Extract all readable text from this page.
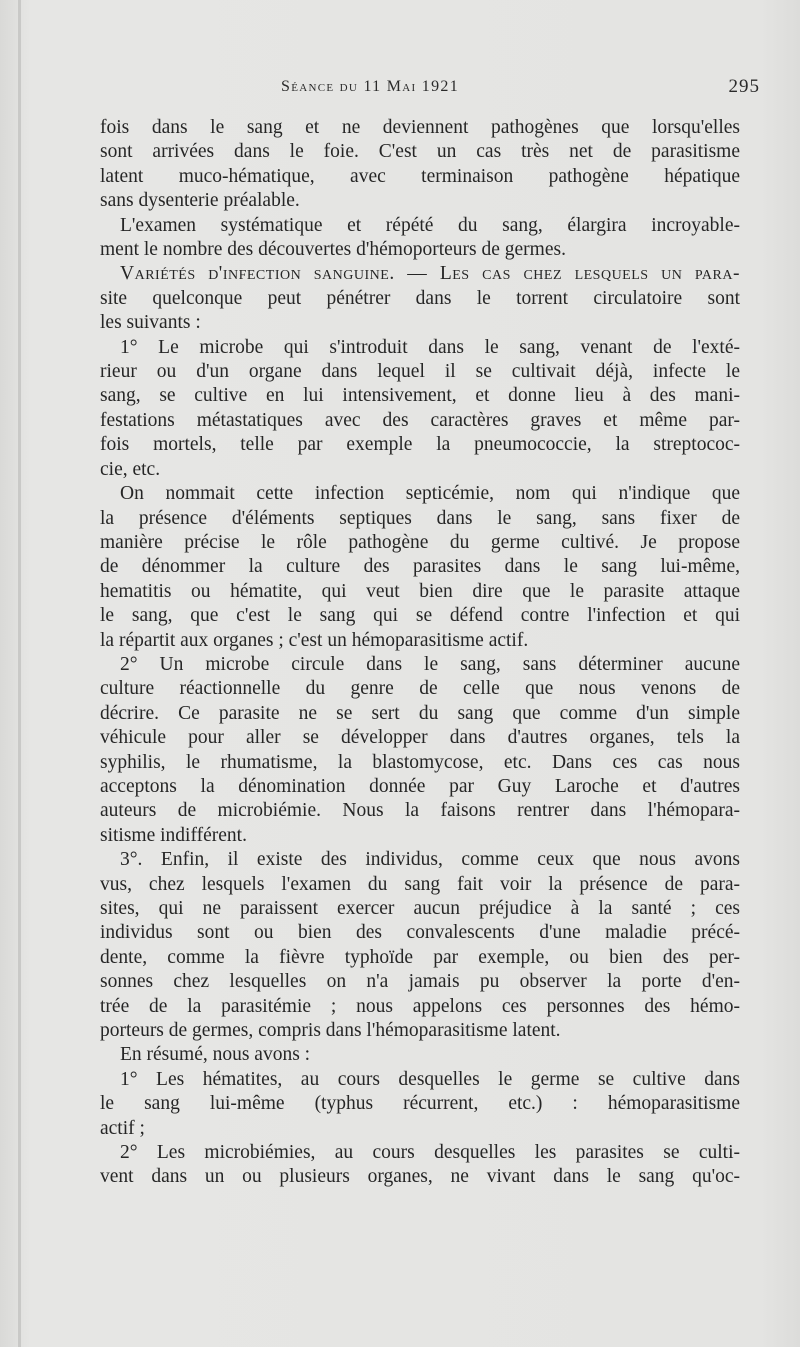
Séance du 11 Mai 1921	295
fois dans le sang et ne deviennent pathogènes que lorsqu'elles
sont arrivées dans le foie. C'est un cas très net de parasitisme
latent muco-hématique, avec terminaison pathogène hépatique
sans dysenterie préalable.
L'examen systématique et répété du sang, élargira incroyable-
ment le nombre des découvertes d'hémoporteurs de germes.
Variétés d'infection sanguine. — Les cas chez lesquels un para-
site quelconque peut pénétrer dans le torrent circulatoire sont
les suivants :
1° Le microbe qui s'introduit dans le sang, venant de l'exté-
rieur ou d'un organe dans lequel il se cultivait déjà, infecte le
sang, se cultive en lui intensivement, et donne lieu à des mani-
festations métastatiques avec des caractères graves et même par-
fois mortels, telle par exemple la pneumococcie, la streptococ-
cie, etc.
On nommait cette infection septicémie, nom qui n'indique que
la présence d'éléments septiques dans le sang, sans fixer de
manière précise le rôle pathogène du germe cultivé. Je propose
de dénommer la culture des parasites dans le sang lui-même,
hematitis ou hématite, qui veut bien dire que le parasite attaque
le sang, que c'est le sang qui se défend contre l'infection et qui
la répartit aux organes ; c'est un hémoparasitisme actif.
2° Un microbe circule dans le sang, sans déterminer aucune
culture réactionnelle du genre de celle que nous venons de
décrire. Ce parasite ne se sert du sang que comme d'un simple
véhicule pour aller se développer dans d'autres organes, tels la
syphilis, le rhumatisme, la blastomycose, etc. Dans ces cas nous
acceptons la dénomination donnée par Guy Laroche et d'autres
auteurs de microbiémie. Nous la faisons rentrer dans l'hémopara-
sitisme indifférent.
3°. Enfin, il existe des individus, comme ceux que nous avons
vus, chez lesquels l'examen du sang fait voir la présence de para-
sites, qui ne paraissent exercer aucun préjudice à la santé ; ces
individus sont ou bien des convalescents d'une maladie précé-
dente, comme la fièvre typhoïde par exemple, ou bien des per-
sonnes chez lesquelles on n'a jamais pu observer la porte d'en-
trée de la parasitémie ; nous appelons ces personnes des hémo-
porteurs de germes, compris dans l'hémoparasitisme latent.
En résumé, nous avons :
1° Les hématites, au cours desquelles le germe se cultive dans
le sang lui-même (typhus récurrent, etc.) : hémoparasitisme
actif ;
2° Les microbiémies, au cours desquelles les parasites se culti-
vent dans un ou plusieurs organes, ne vivant dans le sang qu'oc-
